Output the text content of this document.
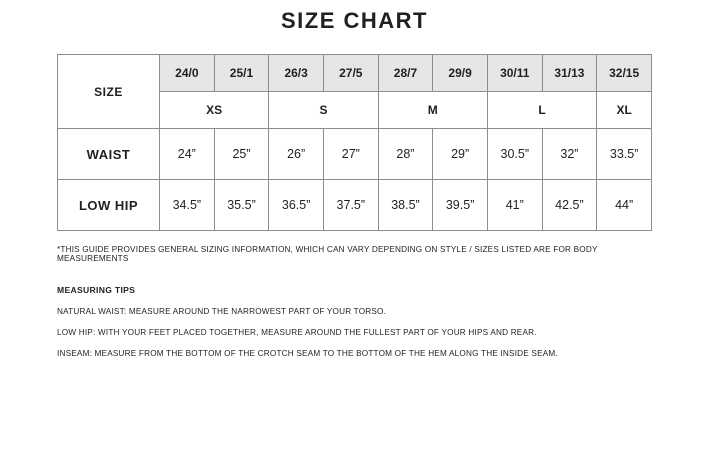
SIZE CHART
SIZE	24/0	25/1	26/3	27/5	28/7	29/9	30/11	31/13	32/15
	XS		S		M		L		XL
WAIST	24”	25”	26”	27”	28”	29”	30.5”	32”	33.5”
LOW HIP	34.5”	35.5”	36.5”	37.5”	38.5”	39.5”	41”	42.5”	44”
*THIS GUIDE PROVIDES GENERAL SIZING INFORMATION, WHICH CAN VARY DEPENDING ON STYLE / SIZES LISTED ARE FOR BODY MEASUREMENTS
MEASURING TIPS
NATURAL WAIST: MEASURE AROUND THE NARROWEST PART OF YOUR TORSO.
LOW HIP: WITH YOUR FEET PLACED TOGETHER, MEASURE AROUND THE FULLEST PART OF YOUR HIPS AND REAR.
INSEAM: MEASURE FROM THE BOTTOM OF THE CROTCH SEAM TO THE BOTTOM OF THE HEM ALONG THE INSIDE SEAM.
